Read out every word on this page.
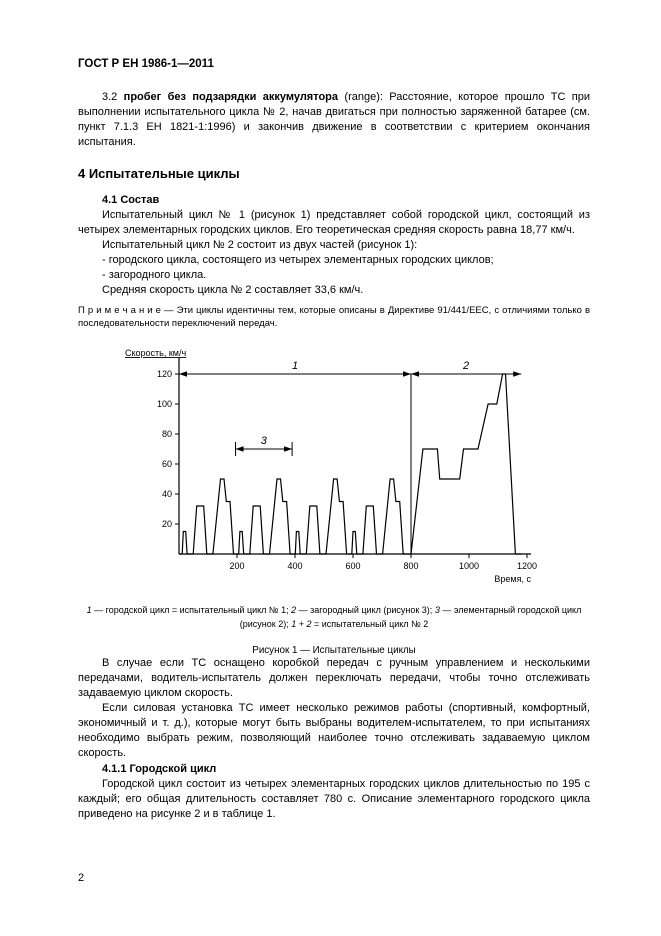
ГОСТ Р ЕН 1986-1—2011

3.2 пробег без подзарядки аккумулятора (range): Расстояние, которое прошло ТС при выполнении испытательного цикла № 2, начав двигаться при полностью заряженной батарее (см. пункт 7.1.3 ЕН 1821-1:1996) и закончив движение в соответствии с критерием окончания испытания.

4 Испытательные циклы
4.1 Состав

Испытательный цикл № 1 (рисунок 1) представляет собой городской цикл, состоящий из четырех элементарных городских циклов. Его теоретическая средняя скорость равна 18,77 км/ч.

Испытательный цикл № 2 состоит из двух частей (рисунок 1):

- городского цикла, состоящего из четырех элементарных городских циклов;
- загородного цикла.

Средняя скорость цикла № 2 составляет 33,6 км/ч.

П р и м е ч а н и е — Эти циклы идентичны тем, которые описаны в Директиве 91/441/ЕЕС, с отличиями только в последовательности переключений передач.

20
40
60
80
100
120
200	400	600	800	1000	1200
Скорость, км/ч
Время, с
1	2
3
1 — городской цикл = испытательный цикл № 1; 2 — загородный цикл (рисунок 3); 3 — элементарный городской цикл (рисунок 2); 1 + 2 = испытательный цикл № 2
Рисунок 1 — Испытательные циклы

В случае если ТС оснащено коробкой передач с ручным управлением и несколькими передачами, водитель-испытатель должен переключать передачи, чтобы точно отслеживать задаваемую циклом скорость.

Если силовая установка ТС имеет несколько режимов работы (спортивный, комфортный, экономичный и т. д.), которые могут быть выбраны водителем-испытателем, то при испытаниях необходимо выбрать режим, позволяющий наиболее точно отслеживать задаваемую циклом скорость.

4.1.1 Городской цикл

Городской цикл состоит из четырех элементарных городских циклов длительностью по 195 с каждый; его общая длительность составляет 780 с. Описание элементарного городского цикла приведено на рисунке 2 и в таблице 1.

2
